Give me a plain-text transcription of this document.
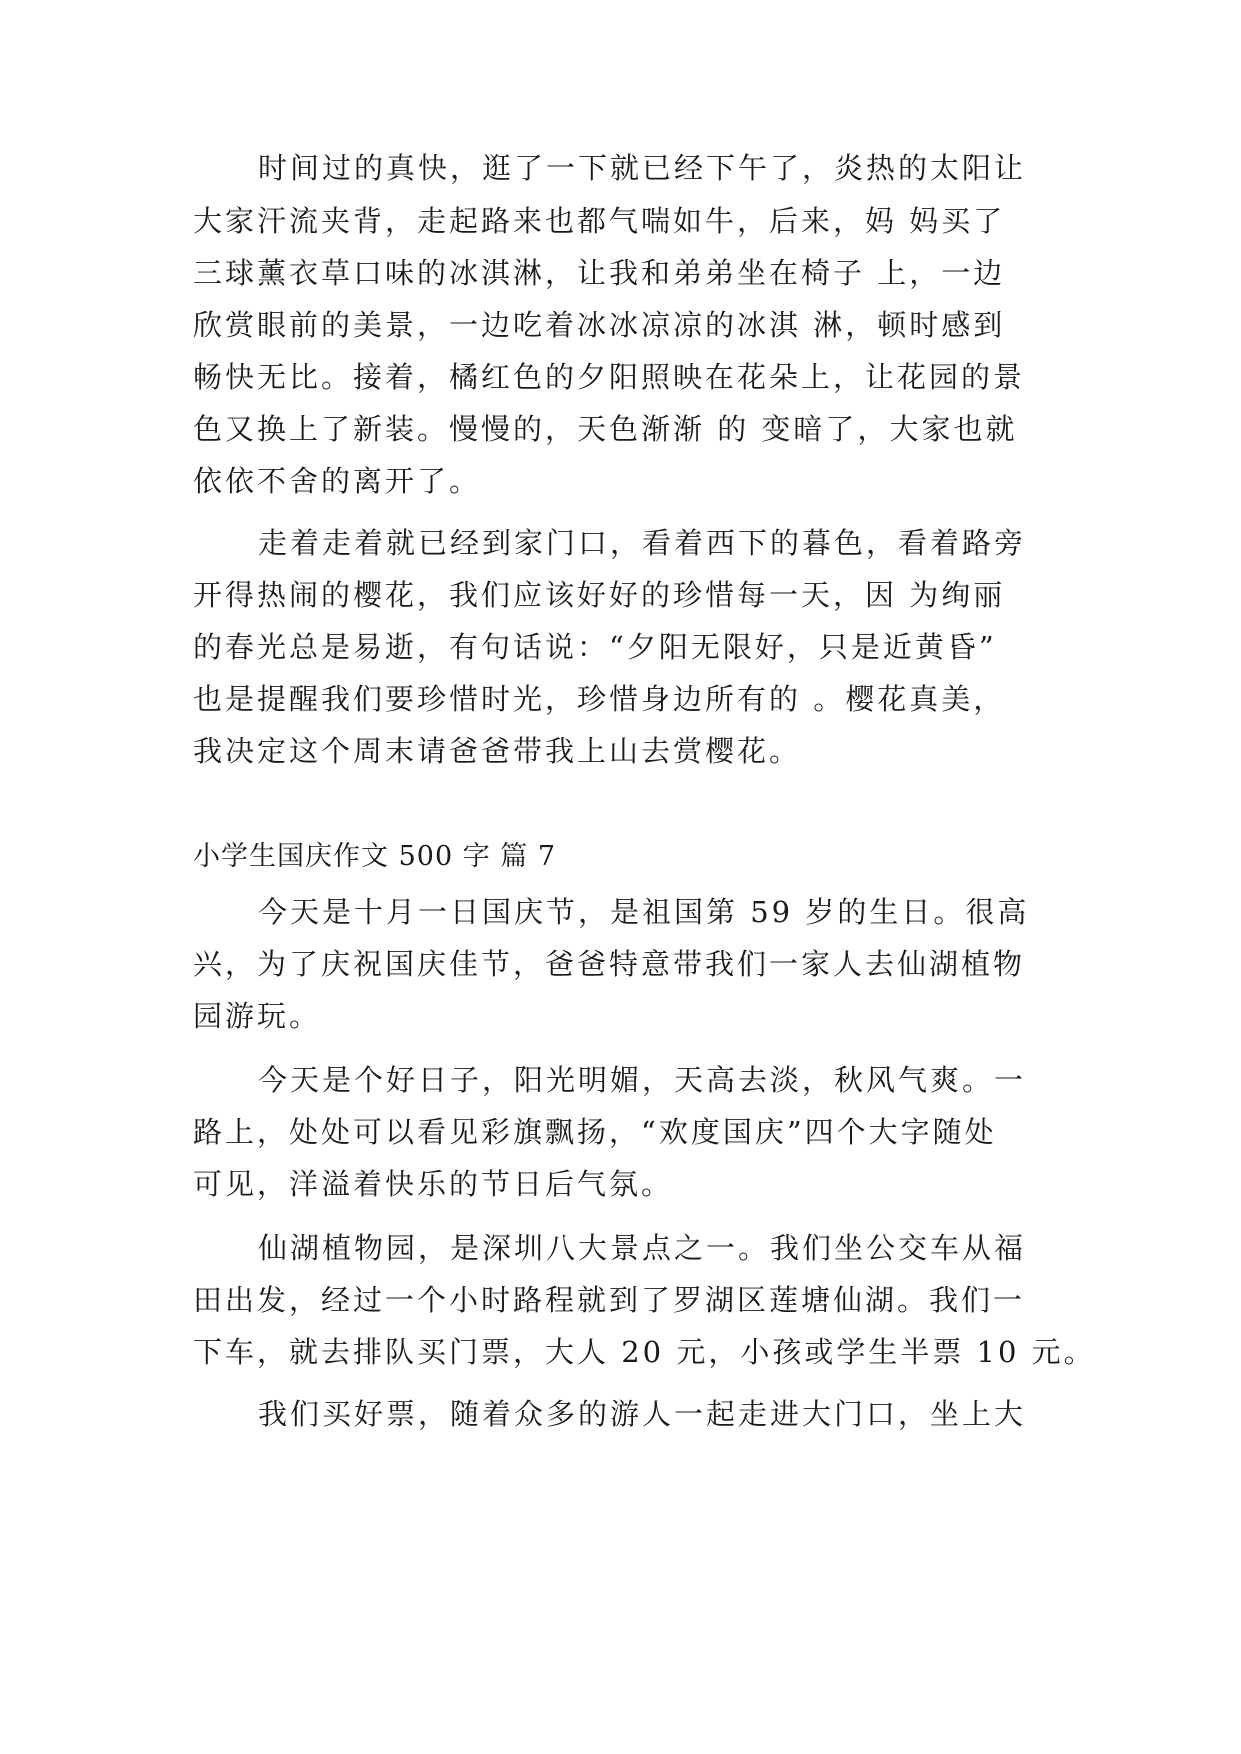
时间过的真快，逛了一下就已经下午了，炎热的太阳让
大家汗流夹背，走起路来也都气喘如牛，后来，妈 妈买了
三球薰衣草口味的冰淇淋，让我和弟弟坐在椅子 上，一边
欣赏眼前的美景，一边吃着冰冰凉凉的冰淇 淋，顿时感到
畅快无比。接着，橘红色的夕阳照映在花朵上，让花园的景
色又换上了新装。慢慢的，天色渐渐 的 变暗了，大家也就
依依不舍的离开了。
走着走着就已经到家门口，看着西下的暮色，看着路旁
开得热闹的樱花，我们应该好好的珍惜每一天，因 为绚丽
的春光总是易逝，有句话说：“夕阳无限好，只是近黄昏”
也是提醒我们要珍惜时光，珍惜身边所有的 。樱花真美，
我决定这个周末请爸爸带我上山去赏樱花。
小学生国庆作文 500 字 篇 7
今天是十月一日国庆节，是祖国第 59 岁的生日。很高
兴，为了庆祝国庆佳节，爸爸特意带我们一家人去仙湖植物
园游玩。
今天是个好日子，阳光明媚，天高去淡，秋风气爽。一
路上，处处可以看见彩旗飘扬，“欢度国庆”四个大字随处
可见，洋溢着快乐的节日后气氛。
仙湖植物园，是深圳八大景点之一。我们坐公交车从福
田出发，经过一个小时路程就到了罗湖区莲塘仙湖。我们一
下车，就去排队买门票，大人 20 元，小孩或学生半票 10 元。
我们买好票，随着众多的游人一起走进大门口，坐上大
